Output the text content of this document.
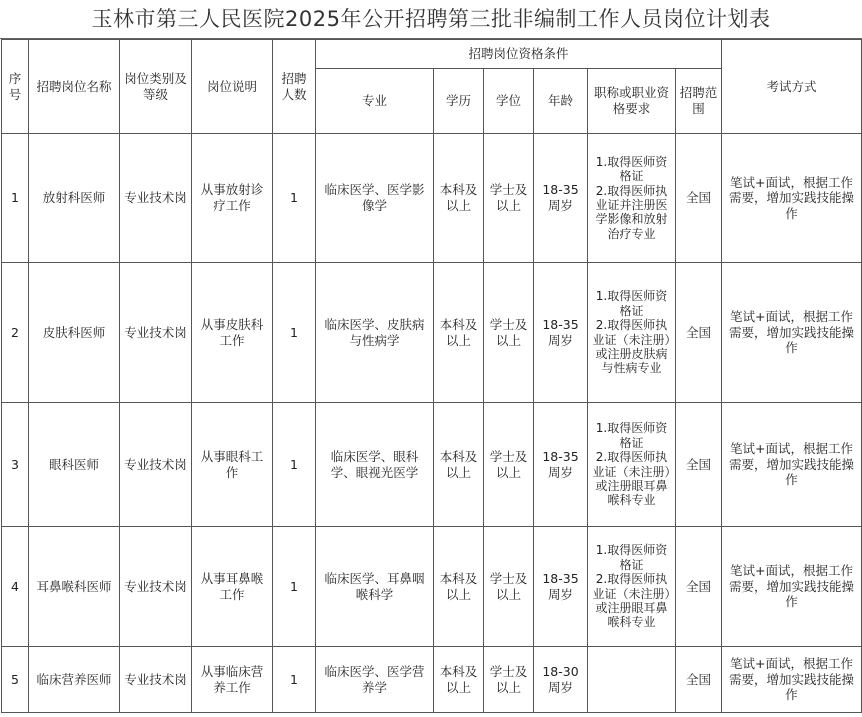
玉林市第三人民医院2025年公开招聘第三批非编制工作人员岗位计划表
序号	招聘岗位名称	岗位类别及等级	岗位说明	招聘人数	招聘岗位资格条件						考试方式
					专业	学历	学位	年龄	职称或职业资格要求	招聘范围	
1	放射科医师	专业技术岗	从事放射诊疗工作	1	临床医学、医学影像学	本科及以上	学士及以上	18-35周岁	1.取得医师资格证
2.取得医师执业证并注册医学影像和放射治疗专业	全国	笔试+面试，根据工作需要，增加实践技能操作
2	皮肤科医师	专业技术岗	从事皮肤科工作	1	临床医学、皮肤病与性病学	本科及以上	学士及以上	18-35周岁	1.取得医师资格证
2.取得医师执业证（未注册）或注册皮肤病与性病专业	全国	笔试+面试，根据工作需要，增加实践技能操作
3	眼科医师	专业技术岗	从事眼科工作	1	临床医学、眼科学、眼视光医学	本科及以上	学士及以上	18-35周岁	1.取得医师资格证
2.取得医师执业证（未注册）或注册眼耳鼻喉科专业	全国	笔试+面试，根据工作需要，增加实践技能操作
4	耳鼻喉科医师	专业技术岗	从事耳鼻喉工作	1	临床医学、耳鼻咽喉科学	本科及以上	学士及以上	18-35周岁	1.取得医师资格证
2.取得医师执业证（未注册）或注册眼耳鼻喉科专业	全国	笔试+面试，根据工作需要，增加实践技能操作
5	临床营养医师	专业技术岗	从事临床营养工作	1	临床医学、医学营养学	本科及以上	学士及以上	18-30周岁		全国	笔试+面试，根据工作需要，增加实践技能操作
